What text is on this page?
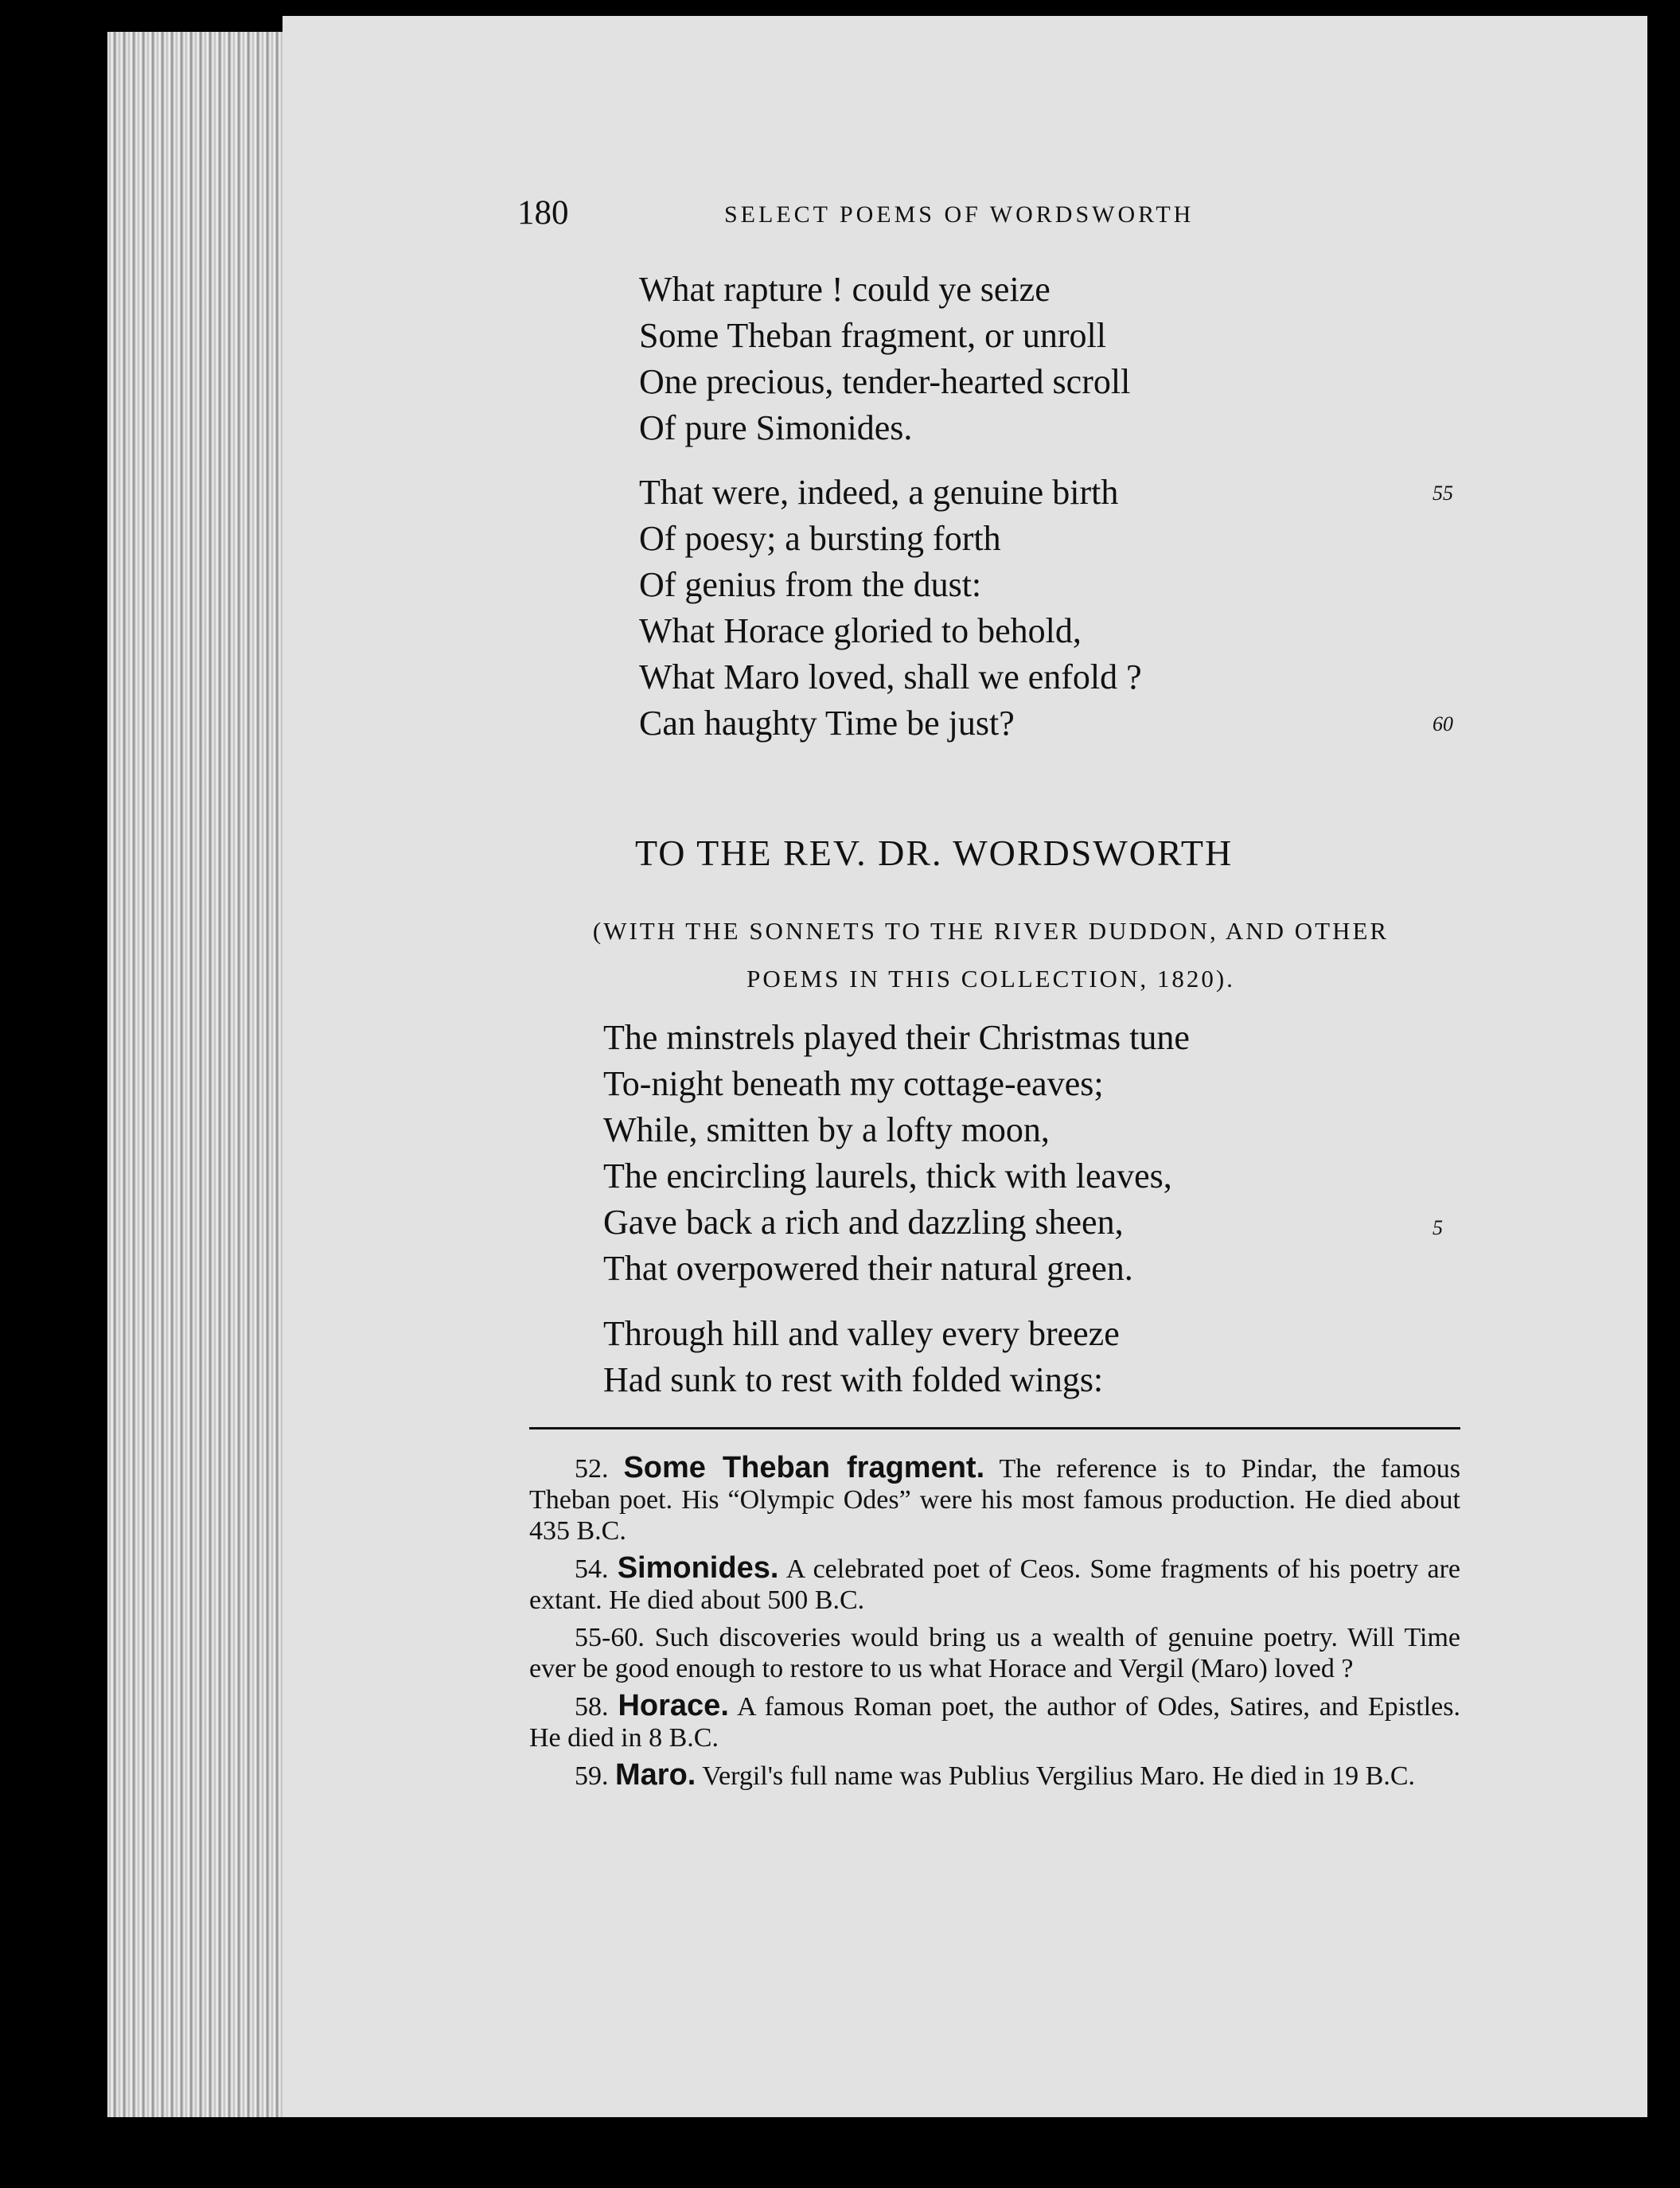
180	SELECT POEMS OF WORDSWORTH
What rapture ! could ye seize
Some Theban fragment, or unroll
One precious, tender-hearted scroll
Of pure Simonides.
That were, indeed, a genuine birth
Of poesy; a bursting forth
Of genius from the dust:
What Horace gloried to behold,
What Maro loved, shall we enfold ?
Can haughty Time be just?
55
60
TO THE REV. DR. WORDSWORTH
(WITH THE SONNETS TO THE RIVER DUDDON, AND OTHER
POEMS IN THIS COLLECTION, 1820).
The minstrels played their Christmas tune
To-night beneath my cottage-eaves;
While, smitten by a lofty moon,
The encircling laurels, thick with leaves,
Gave back a rich and dazzling sheen,
That overpowered their natural green.
5
Through hill and valley every breeze
Had sunk to rest with folded wings:

52. Some Theban fragment. The reference is to Pindar, the famous Theban poet. His “Olympic Odes” were his most famous production. He died about 435 B.C.

54. Simonides. A celebrated poet of Ceos. Some fragments of his poetry are extant. He died about 500 B.C.

55-60. Such discoveries would bring us a wealth of genuine poetry. Will Time ever be good enough to restore to us what Horace and Vergil (Maro) loved ?

58. Horace. A famous Roman poet, the author of Odes, Satires, and Epistles. He died in 8 B.C.

59. Maro. Vergil's full name was Publius Vergilius Maro. He died in 19 B.C.
